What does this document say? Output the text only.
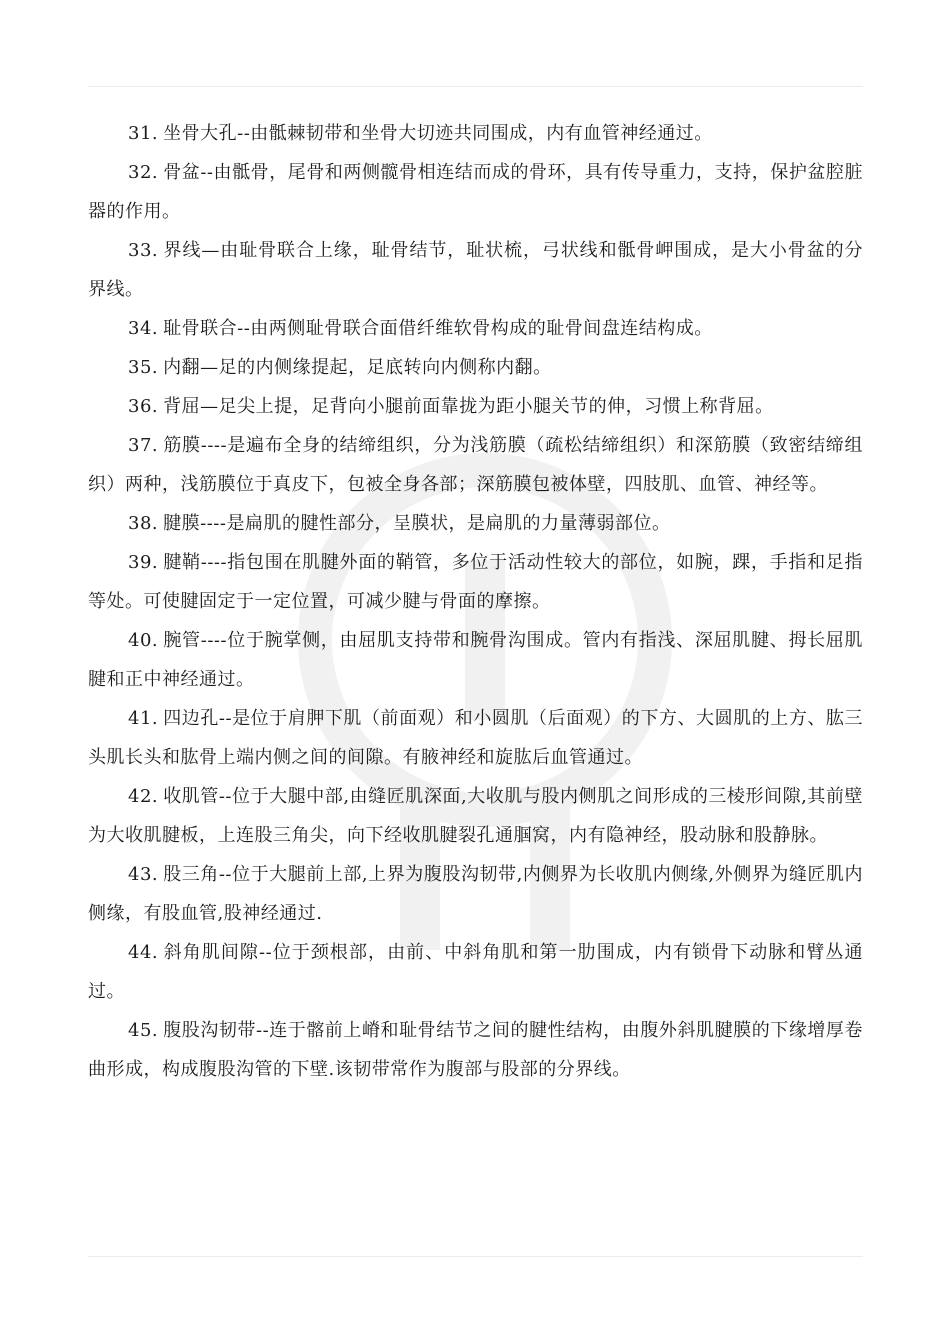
31. 坐骨大孔--由骶棘韧带和坐骨大切迹共同围成，内有血管神经通过。

32. 骨盆--由骶骨，尾骨和两侧髋骨相连结而成的骨环，具有传导重力，支持，保护盆腔脏器的作用。

33. 界线—由耻骨联合上缘，耻骨结节，耻状梳，弓状线和骶骨岬围成，是大小骨盆的分界线。

34. 耻骨联合--由两侧耻骨联合面借纤维软骨构成的耻骨间盘连结构成。

35. 内翻—足的内侧缘提起，足底转向内侧称内翻。

36. 背屈—足尖上提，足背向小腿前面靠拢为距小腿关节的伸，习惯上称背屈。

37. 筋膜----是遍布全身的结缔组织，分为浅筋膜（疏松结缔组织）和深筋膜（致密结缔组织）两种，浅筋膜位于真皮下，包被全身各部；深筋膜包被体壁，四肢肌、血管、神经等。

38. 腱膜----是扁肌的腱性部分，呈膜状，是扁肌的力量薄弱部位。

39. 腱鞘----指包围在肌腱外面的鞘管，多位于活动性较大的部位，如腕，踝，手指和足指等处。可使腱固定于一定位置，可减少腱与骨面的摩擦。

40. 腕管----位于腕掌侧，由屈肌支持带和腕骨沟围成。管内有指浅、深屈肌腱、拇长屈肌腱和正中神经通过。

41. 四边孔--是位于肩胛下肌（前面观）和小圆肌（后面观）的下方、大圆肌的上方、肱三头肌长头和肱骨上端内侧之间的间隙。有腋神经和旋肱后血管通过。

42. 收肌管--位于大腿中部,由缝匠肌深面,大收肌与股内侧肌之间形成的三棱形间隙,其前壁为大收肌腱板，上连股三角尖，向下经收肌腱裂孔通腘窝，内有隐神经，股动脉和股静脉。

43. 股三角--位于大腿前上部,上界为腹股沟韧带,内侧界为长收肌内侧缘,外侧界为缝匠肌内侧缘，有股血管,股神经通过.

44. 斜角肌间隙--位于颈根部，由前、中斜角肌和第一肋围成，内有锁骨下动脉和臂丛通过。

45. 腹股沟韧带--连于髂前上嵴和耻骨结节之间的腱性结构，由腹外斜肌腱膜的下缘增厚卷曲形成，构成腹股沟管的下壁.该韧带常作为腹部与股部的分界线。
